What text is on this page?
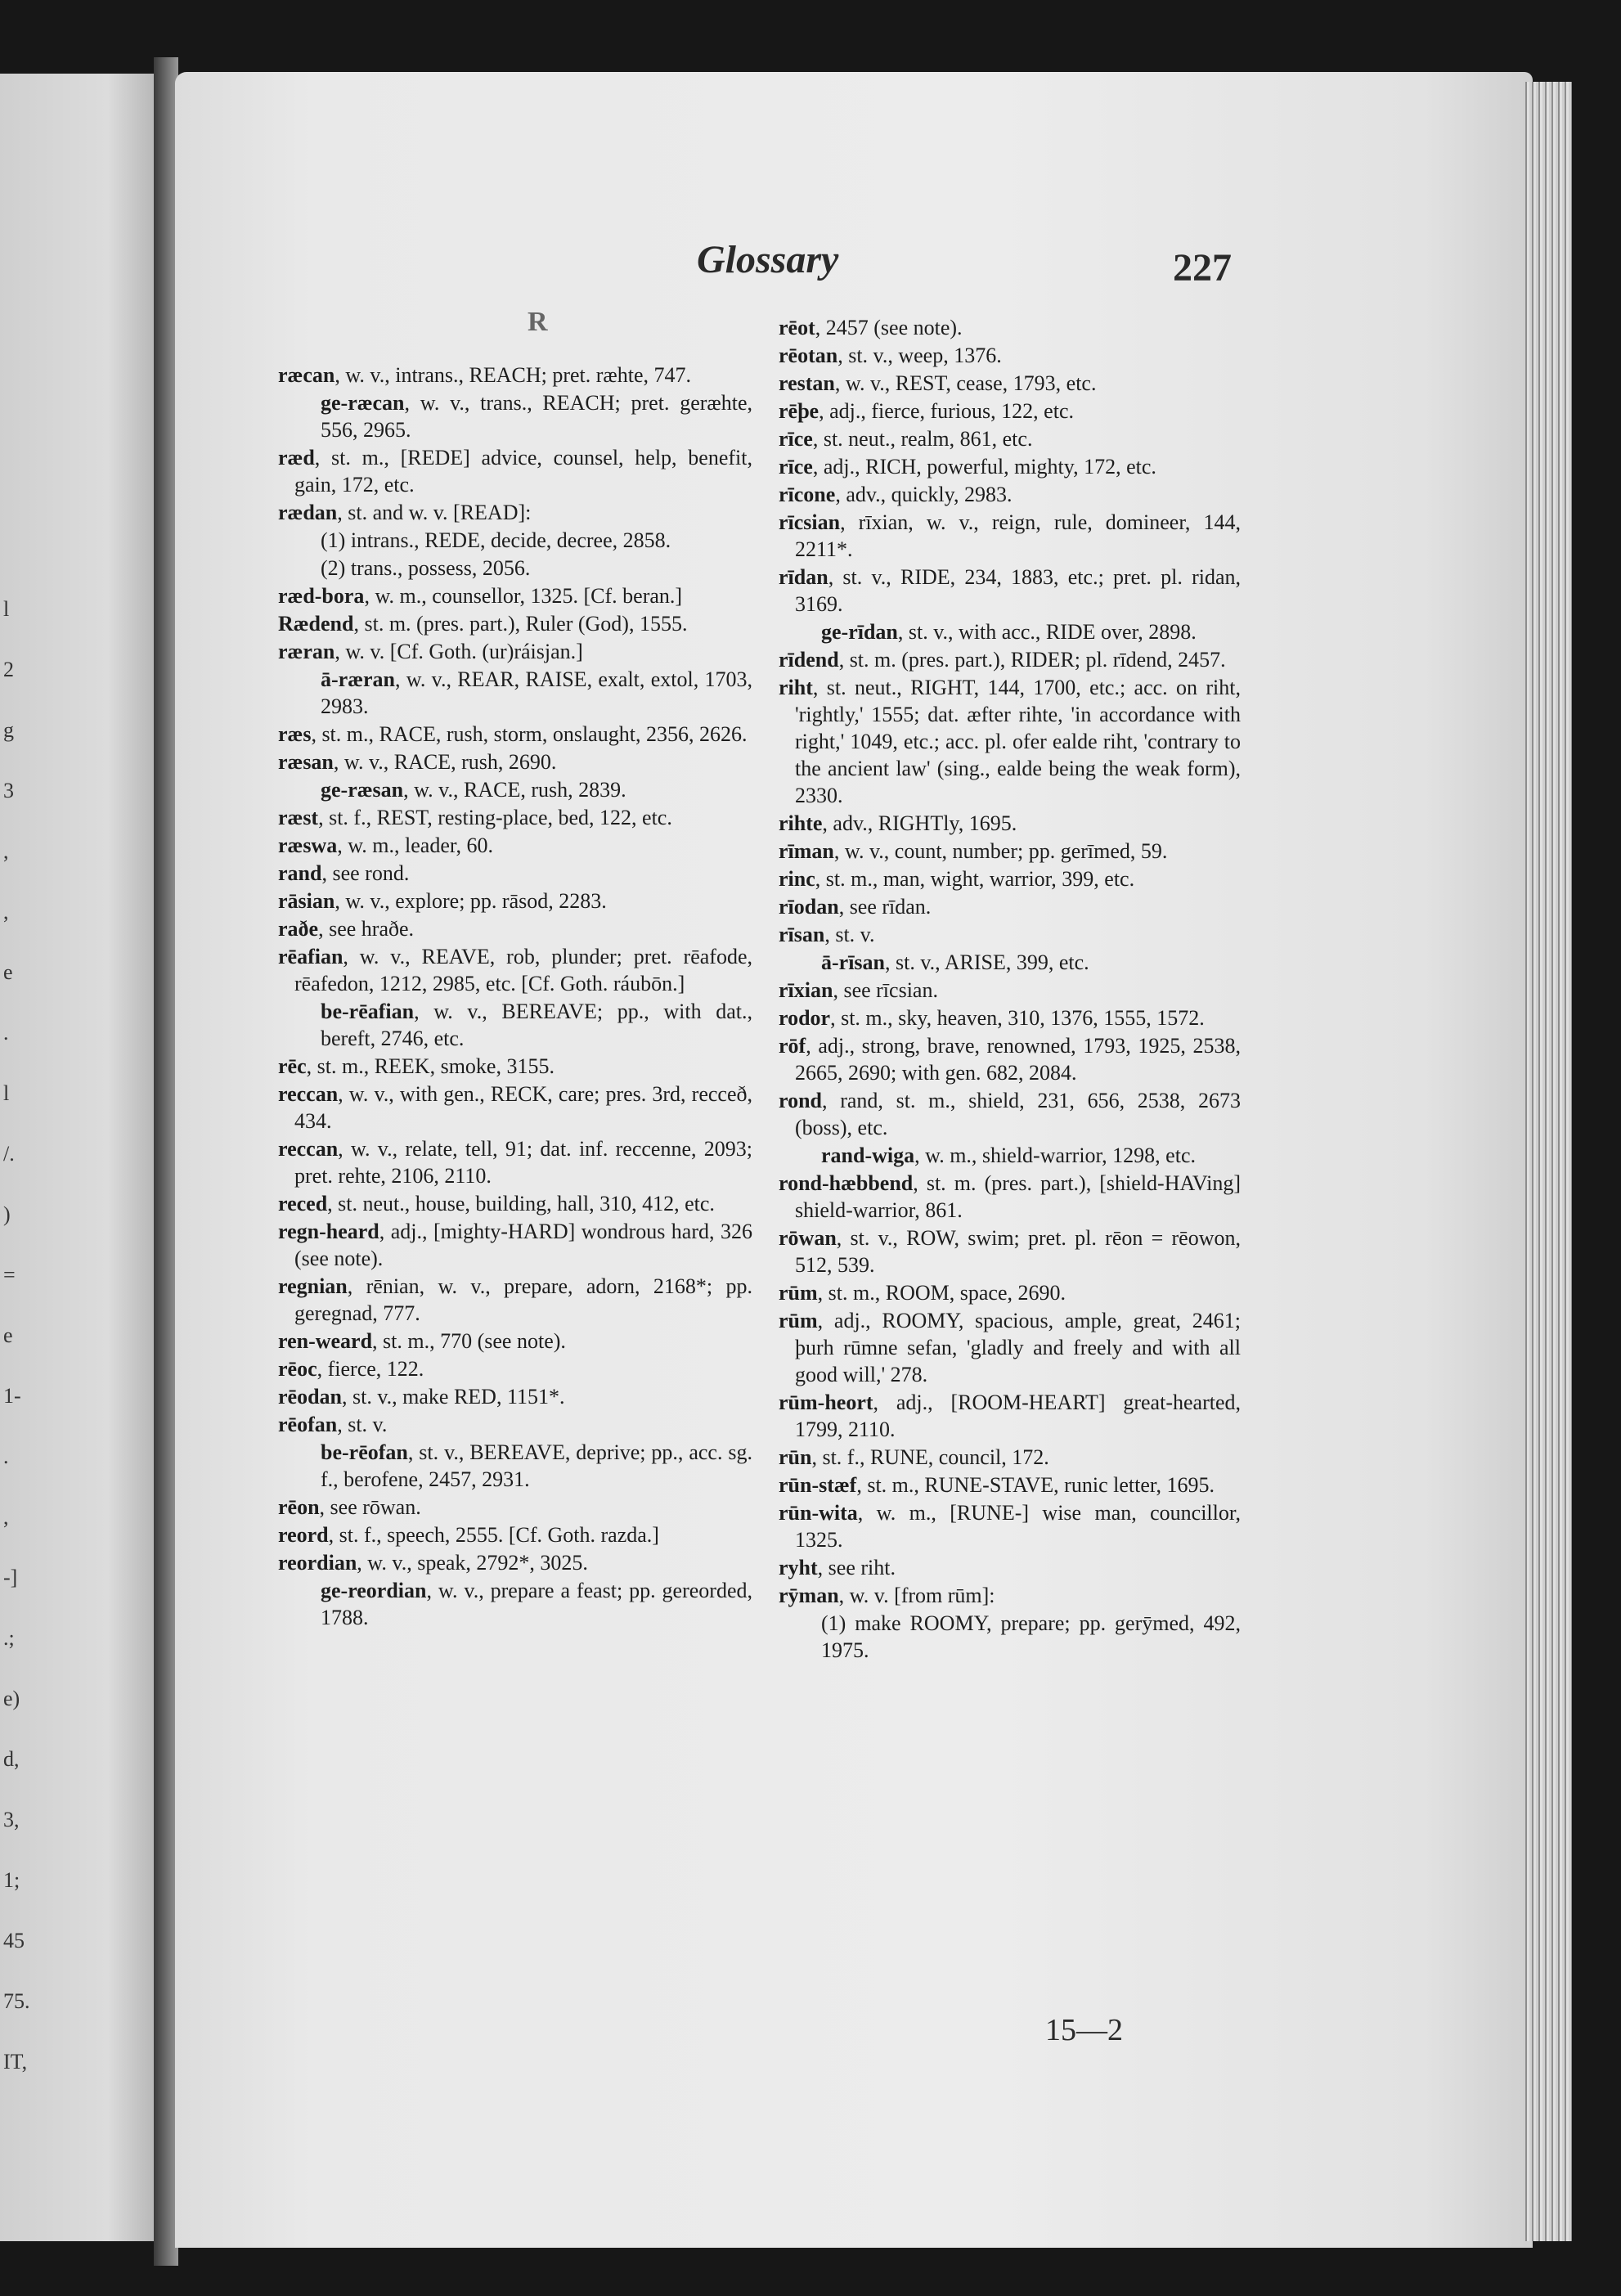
l
2
g
3
,
,
e
.
l
/.
)
=
e
1-
.
,
-]
.;
e)
d,
3,
1;
45
75.
IT,
Glossary	227
R
ræcan, w. v., intrans., REACH; pret. ræhte, 747.
ge-ræcan, w. v., trans., REACH; pret. geræhte, 556, 2965.
ræd, st. m., [REDE] advice, counsel, help, benefit, gain, 172, etc.
rædan, st. and w. v. [READ]:
(1) intrans., REDE, decide, decree, 2858.
(2) trans., possess, 2056.
ræd-bora, w. m., counsellor, 1325. [Cf. beran.]
Rædend, st. m. (pres. part.), Ruler (God), 1555.
ræran, w. v. [Cf. Goth. (ur)ráisjan.]
ā-ræran, w. v., REAR, RAISE, exalt, extol, 1703, 2983.
ræs, st. m., RACE, rush, storm, onslaught, 2356, 2626.
ræsan, w. v., RACE, rush, 2690.
ge-ræsan, w. v., RACE, rush, 2839.
ræst, st. f., REST, resting-place, bed, 122, etc.
ræswa, w. m., leader, 60.
rand, see rond.
rāsian, w. v., explore; pp. rāsod, 2283.
raðe, see hraðe.
rēafian, w. v., REAVE, rob, plunder; pret. rēafode, rēafedon, 1212, 2985, etc. [Cf. Goth. ráubōn.]
be-rēafian, w. v., BEREAVE; pp., with dat., bereft, 2746, etc.
rēc, st. m., REEK, smoke, 3155.
reccan, w. v., with gen., RECK, care; pres. 3rd, recceð, 434.
reccan, w. v., relate, tell, 91; dat. inf. reccenne, 2093; pret. rehte, 2106, 2110.
reced, st. neut., house, building, hall, 310, 412, etc.
regn-heard, adj., [mighty-HARD] wondrous hard, 326 (see note).
regnian, rēnian, w. v., prepare, adorn, 2168*; pp. geregnad, 777.
ren-weard, st. m., 770 (see note).
rēoc, fierce, 122.
rēodan, st. v., make RED, 1151*.
rēofan, st. v.
be-rēofan, st. v., BEREAVE, deprive; pp., acc. sg. f., berofene, 2457, 2931.
rēon, see rōwan.
reord, st. f., speech, 2555. [Cf. Goth. razda.]
reordian, w. v., speak, 2792*, 3025.
ge-reordian, w. v., prepare a feast; pp. gereorded, 1788.
rēot, 2457 (see note).
rēotan, st. v., weep, 1376.
restan, w. v., REST, cease, 1793, etc.
rēþe, adj., fierce, furious, 122, etc.
rīce, st. neut., realm, 861, etc.
rīce, adj., RICH, powerful, mighty, 172, etc.
rīcone, adv., quickly, 2983.
rīcsian, rīxian, w. v., reign, rule, domineer, 144, 2211*.
rīdan, st. v., RIDE, 234, 1883, etc.; pret. pl. ridan, 3169.
ge-rīdan, st. v., with acc., RIDE over, 2898.
rīdend, st. m. (pres. part.), RIDER; pl. rīdend, 2457.
riht, st. neut., RIGHT, 144, 1700, etc.; acc. on riht, 'rightly,' 1555; dat. æfter rihte, 'in accordance with right,' 1049, etc.; acc. pl. ofer ealde riht, 'contrary to the ancient law' (sing., ealde being the weak form), 2330.
rihte, adv., RIGHTly, 1695.
rīman, w. v., count, number; pp. gerīmed, 59.
rinc, st. m., man, wight, warrior, 399, etc.
rīodan, see rīdan.
rīsan, st. v.
ā-rīsan, st. v., ARISE, 399, etc.
rīxian, see rīcsian.
rodor, st. m., sky, heaven, 310, 1376, 1555, 1572.
rōf, adj., strong, brave, renowned, 1793, 1925, 2538, 2665, 2690; with gen. 682, 2084.
rond, rand, st. m., shield, 231, 656, 2538, 2673 (boss), etc.
rand-wiga, w. m., shield-warrior, 1298, etc.
rond-hæbbend, st. m. (pres. part.), [shield-HAVing] shield-warrior, 861.
rōwan, st. v., ROW, swim; pret. pl. rēon = rēowon, 512, 539.
rūm, st. m., ROOM, space, 2690.
rūm, adj., ROOMY, spacious, ample, great, 2461; þurh rūmne sefan, 'gladly and freely and with all good will,' 278.
rūm-heort, adj., [ROOM-HEART] great-hearted, 1799, 2110.
rūn, st. f., RUNE, council, 172.
rūn-stæf, st. m., RUNE-STAVE, runic letter, 1695.
rūn-wita, w. m., [RUNE-] wise man, councillor, 1325.
ryht, see riht.
rȳman, w. v. [from rūm]:
(1) make ROOMY, prepare; pp. gerȳmed, 492, 1975.
15—2
